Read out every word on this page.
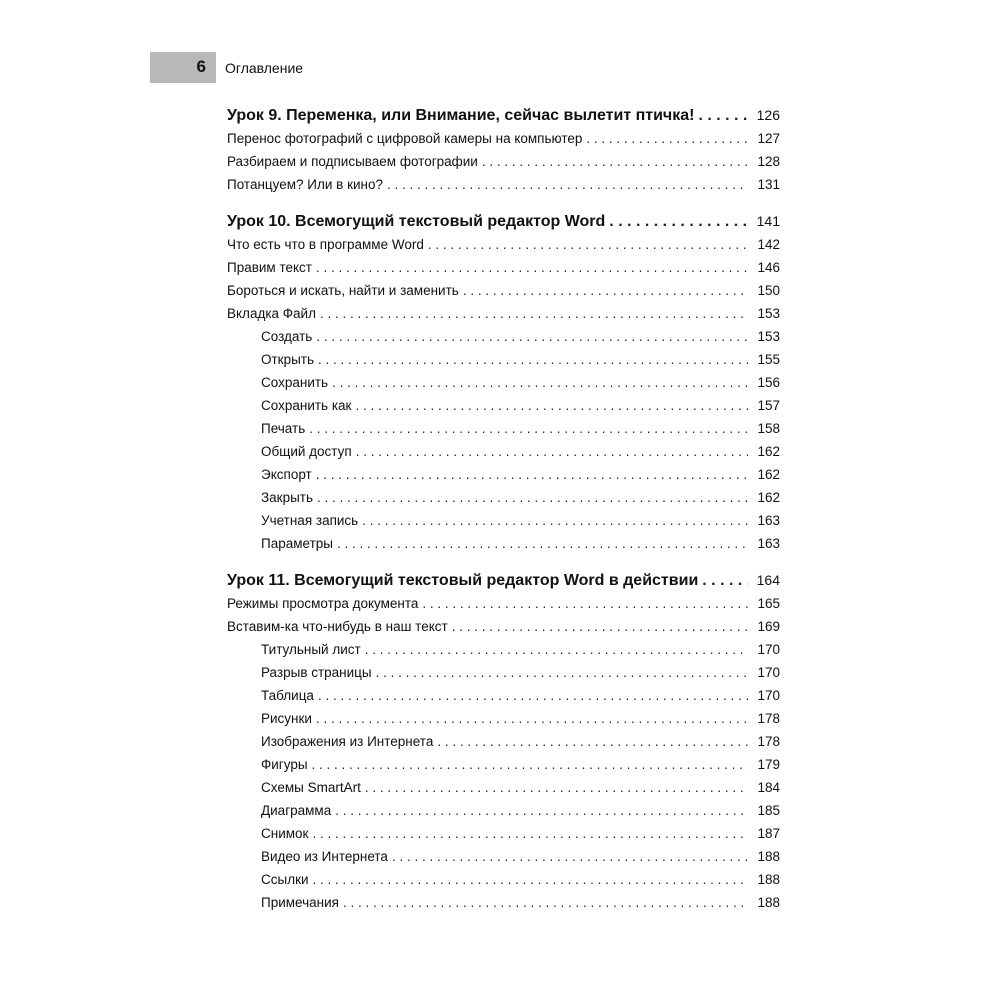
6 Оглавление
Урок 9. Переменка, или Внимание, сейчас вылетит птичка! . . .	126
Перенос фотографий с цифровой камеры на компьютер . . .	127
Разбираем и подписываем фотографии . . .	128
Потанцуем? Или в кино? . . .	131
Урок 10. Всемогущий текстовый редактор Word . . .	141
Что есть что в программе Word . . .	142
Правим текст . . .	146
Бороться и искать, найти и заменить . . .	150
Вкладка Файл . . .	153
Создать . . .	153
Открыть . . .	155
Сохранить . . .	156
Сохранить как . . .	157
Печать . . .	158
Общий доступ . . .	162
Экспорт . . .	162
Закрыть . . .	162
Учетная запись . . .	163
Параметры . . .	163
Урок 11. Всемогущий текстовый редактор Word в действии . . .	164
Режимы просмотра документа . . .	165
Вставим-ка что-нибудь в наш текст . . .	169
Титульный лист . . .	170
Разрыв страницы . . .	170
Таблица . . .	170
Рисунки . . .	178
Изображения из Интернета . . .	178
Фигуры . . .	179
Схемы SmartArt . . .	184
Диаграмма . . .	185
Снимок . . .	187
Видео из Интернета . . .	188
Ссылки . . .	188
Примечания . . .	188
